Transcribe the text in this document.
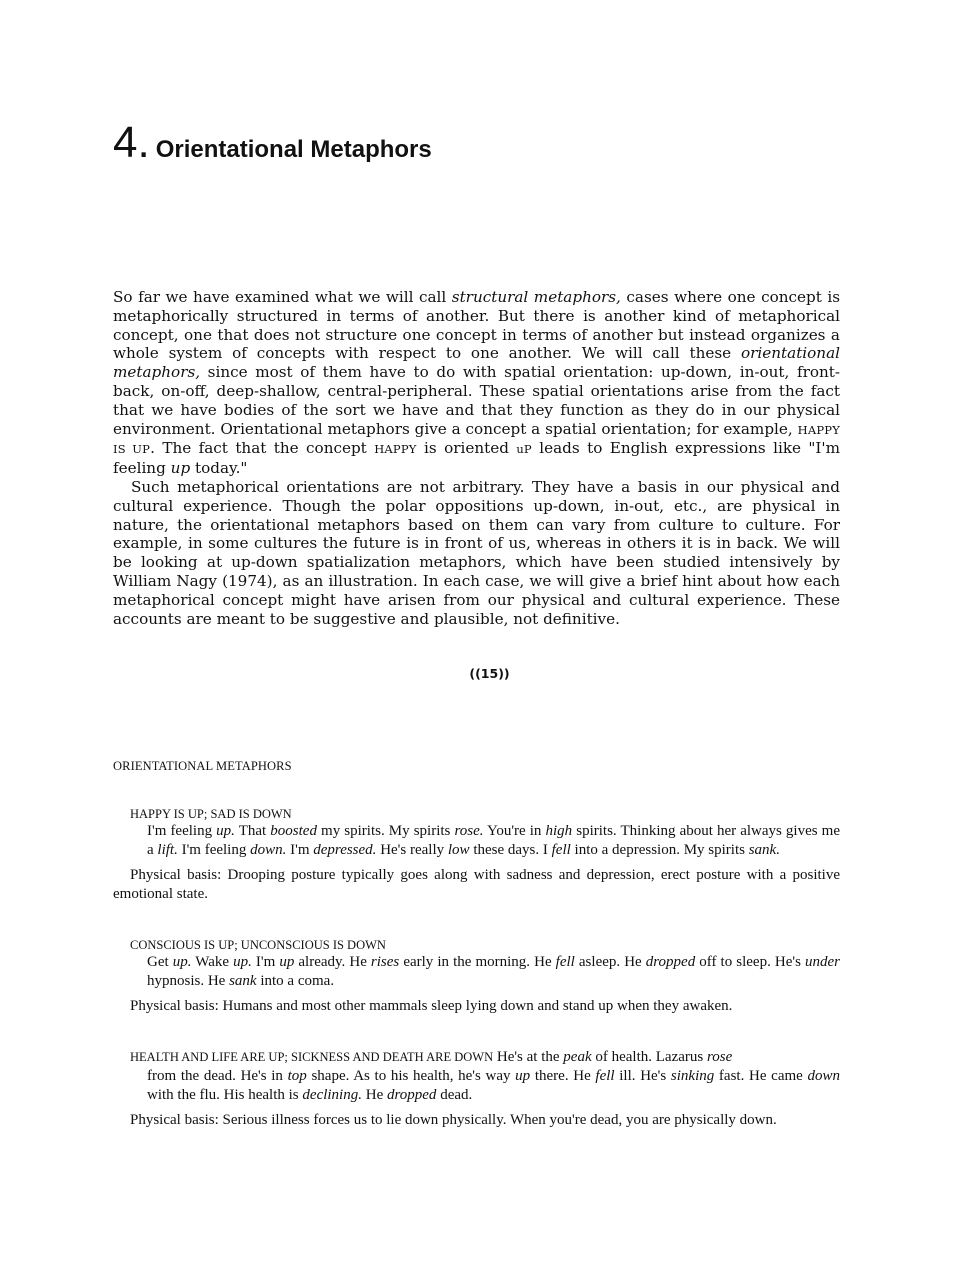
4. Orientational Metaphors

So far we have examined what we will call structural metaphors, cases where one concept is metaphorically structured in terms of another. But there is another kind of metaphorical concept, one that does not structure one concept in terms of another but instead organizes a whole system of concepts with respect to one another. We will call these orientational metaphors, since most of them have to do with spatial orientation: up-down, in-out, front-back, on-off, deep-shallow, central-peripheral. These spatial orientations arise from the fact that we have bodies of the sort we have and that they function as they do in our physical environment. Orientational metaphors give a concept a spatial orientation; for example, HAPPY IS UP. The fact that the concept HAPPY is oriented uP leads to English expressions like "I'm feeling up today."

Such metaphorical orientations are not arbitrary. They have a basis in our physical and cultural experience. Though the polar oppositions up-down, in-out, etc., are physical in nature, the orientational metaphors based on them can vary from culture to culture. For example, in some cultures the future is in front of us, whereas in others it is in back. We will be looking at up-down spatialization metaphors, which have been studied intensively by William Nagy (1974), as an illustration. In each case, we will give a brief hint about how each metaphorical concept might have arisen from our physical and cultural experience. These accounts are meant to be suggestive and plausible, not definitive.

((15))
ORIENTATIONAL METAPHORS
HAPPY IS UP; SAD IS DOWN
I'm feeling up. That boosted my spirits. My spirits rose. You're in high spirits. Thinking about her always gives me a lift. I'm feeling down. I'm depressed. He's really low these days. I fell into a depression. My spirits sank.
Physical basis: Drooping posture typically goes along with sadness and depression, erect posture with a positive emotional state.
CONSCIOUS IS UP; UNCONSCIOUS IS DOWN
Get up. Wake up. I'm up already. He rises early in the morning. He fell asleep. He dropped off to sleep. He's under hypnosis. He sank into a coma.
Physical basis: Humans and most other mammals sleep lying down and stand up when they awaken.
HEALTH AND LIFE ARE UP; SICKNESS AND DEATH ARE DOWN He's at the peak of health. Lazarus rose
from the dead. He's in top shape. As to his health, he's way up there. He fell ill. He's sinking fast. He came down with the flu. His health is declining. He dropped dead.
Physical basis: Serious illness forces us to lie down physically. When you're dead, you are physically down.
